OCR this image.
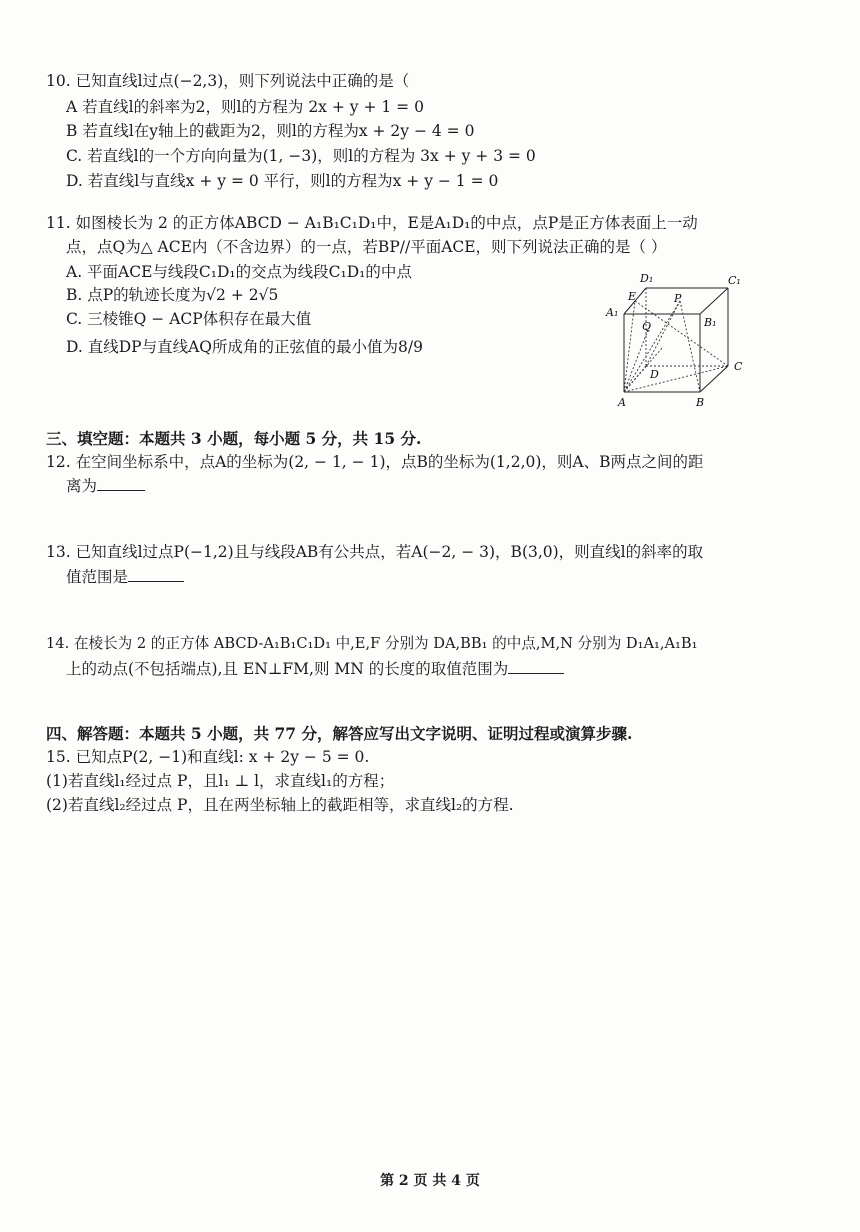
10. 已知直线l过点(−2,3)，则下列说法中正确的是（
A 若直线l的斜率为2，则l的方程为 2x + y + 1 = 0
B 若直线l在y轴上的截距为2，则l的方程为x + 2y − 4 = 0
C. 若直线l的一个方向向量为(1, −3)，则l的方程为 3x + y + 3 = 0
D. 若直线l与直线x + y = 0 平行，则l的方程为x + y − 1 = 0
11. 如图棱长为 2 的正方体ABCD − A₁B₁C₁D₁中，E是A₁D₁的中点，点P是正方体表面上一动
点，点Q为△ ACE内（不含边界）的一点，若BP//平面ACE，则下列说法正确的是（ ）
A. 平面ACE与线段C₁D₁的交点为线段C₁D₁的中点
B. 点P的轨迹长度为√2 + 2√5
C. 三棱锥Q − ACP体积存在最大值
D. 直线DP与直线AQ所成角的正弦值的最小值为8/9
D₁	C₁
E	P
A₁
B₁
Q
D
C
A	B
三、填空题：本题共 3 小题，每小题 5 分，共 15 分.
12. 在空间坐标系中，点A的坐标为(2, − 1, − 1)，点B的坐标为(1,2,0)，则A、B两点之间的距
离为
13. 已知直线l过点P(−1,2)且与线段AB有公共点，若A(−2, − 3)，B(3,0)，则直线l的斜率的取
值范围是
14. 在棱长为 2 的正方体 ABCD-A₁B₁C₁D₁ 中,E,F 分别为 DA,BB₁ 的中点,M,N 分别为 D₁A₁,A₁B₁
上的动点(不包括端点),且 EN⊥FM,则 MN 的长度的取值范围为
四、解答题：本题共 5 小题，共 77 分，解答应写出文字说明、证明过程或演算步骤.
15. 已知点P(2, −1)和直线l: x + 2y − 5 = 0.
(1)若直线l₁经过点 P，且l₁ ⊥ l，求直线l₁的方程；
(2)若直线l₂经过点 P，且在两坐标轴上的截距相等，求直线l₂的方程.
第 2 页 共 4 页
